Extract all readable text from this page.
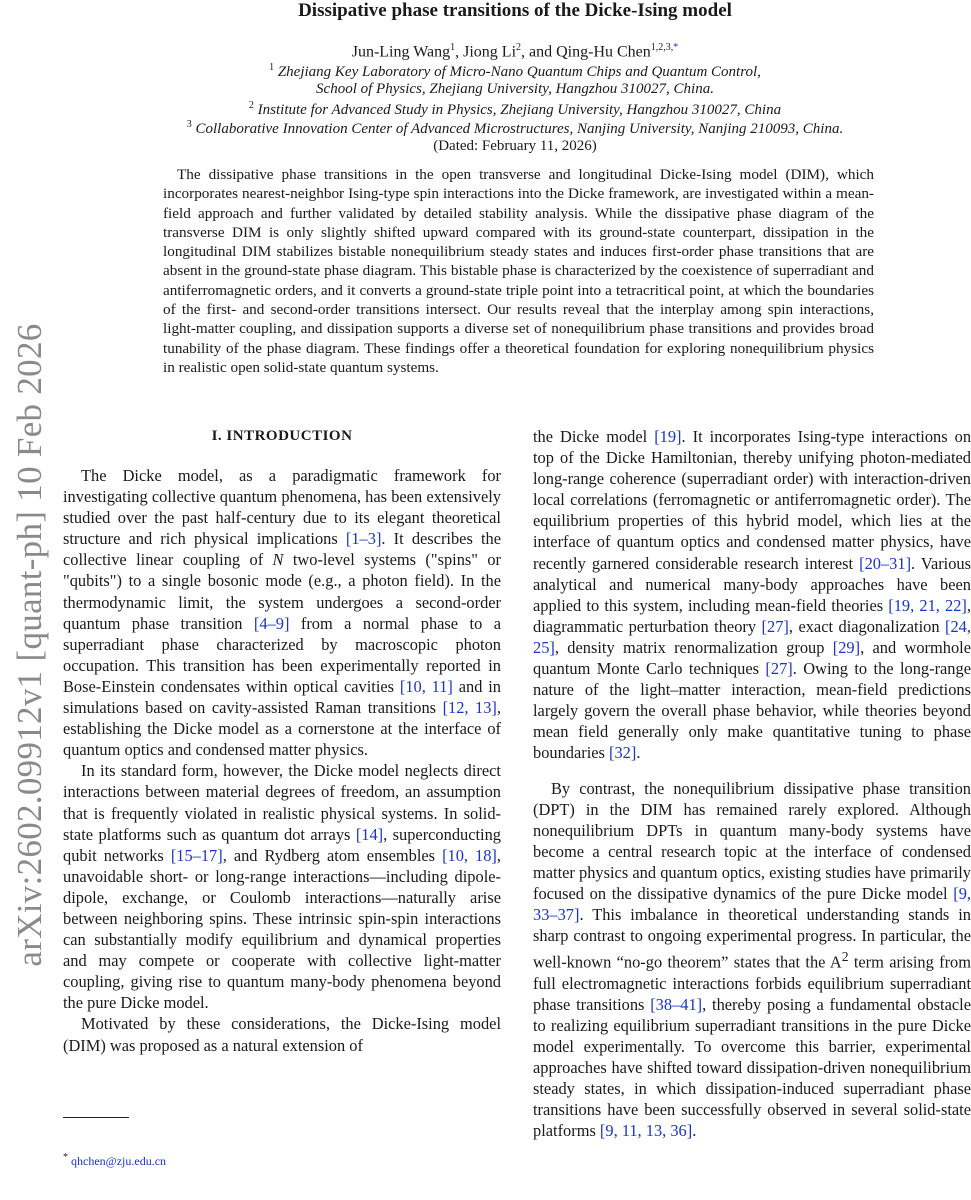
arXiv:2602.09912v1 [quant-ph] 10 Feb 2026
Dissipative phase transitions of the Dicke-Ising model
Jun-Ling Wang$^1$, Jiong Li$^2$, and Qing-Hu Chen$^{1,2,3,*}$
$^1$ Zhejiang Key Laboratory of Micro-Nano Quantum Chips and Quantum Control,
School of Physics, Zhejiang University, Hangzhou 310027, China.
$^2$ Institute for Advanced Study in Physics, Zhejiang University, Hangzhou 310027, China
$^3$ Collaborative Innovation Center of Advanced Microstructures, Nanjing University, Nanjing 210093, China.
(Dated: February 11, 2026)
The dissipative phase transitions in the open transverse and longitudinal Dicke-Ising model (DIM), which incorporates nearest-neighbor Ising-type spin interactions into the Dicke framework, are investigated within a mean-field approach and further validated by detailed stability analysis. While the dissipative phase diagram of the transverse DIM is only slightly shifted upward compared with its ground-state counterpart, dissipation in the longitudinal DIM stabilizes bistable nonequilibrium steady states and induces first-order phase transitions that are absent in the ground-state phase diagram. This bistable phase is characterized by the coexistence of superradiant and antiferromagnetic orders, and it converts a ground-state triple point into a tetracritical point, at which the boundaries of the first- and second-order transitions intersect. Our results reveal that the interplay among spin interactions, light-matter coupling, and dissipation supports a diverse set of nonequilibrium phase transitions and provides broad tunability of the phase diagram. These findings offer a theoretical foundation for exploring nonequilibrium physics in realistic open solid-state quantum systems.
I. INTRODUCTION

The Dicke model, as a paradigmatic framework for investigating collective quantum phenomena, has been extensively studied over the past half-century due to its elegant theoretical structure and rich physical implications [1–3]. It describes the collective linear coupling of N two-level systems ("spins" or "qubits") to a single bosonic mode (e.g., a photon field). In the thermodynamic limit, the system undergoes a second-order quantum phase transition [4–9] from a normal phase to a superradiant phase characterized by macroscopic photon occupation. This transition has been experimentally reported in Bose-Einstein condensates within optical cavities [10, 11] and in simulations based on cavity-assisted Raman transitions [12, 13], establishing the Dicke model as a cornerstone at the interface of quantum optics and condensed matter physics.

In its standard form, however, the Dicke model neglects direct interactions between material degrees of freedom, an assumption that is frequently violated in realistic physical systems. In solid-state platforms such as quantum dot arrays [14], superconducting qubit networks [15–17], and Rydberg atom ensembles [10, 18], unavoidable short- or long-range interactions—including dipole-dipole, exchange, or Coulomb interactions—naturally arise between neighboring spins. These intrinsic spin-spin interactions can substantially modify equilibrium and dynamical properties and may compete or cooperate with collective light-matter coupling, giving rise to quantum many-body phenomena beyond the pure Dicke model.

Motivated by these considerations, the Dicke-Ising model (DIM) was proposed as a natural extension of

the Dicke model [19]. It incorporates Ising-type interactions on top of the Dicke Hamiltonian, thereby unifying photon-mediated long-range coherence (superradiant order) with interaction-driven local correlations (ferromagnetic or antiferromagnetic order). The equilibrium properties of this hybrid model, which lies at the interface of quantum optics and condensed matter physics, have recently garnered considerable research interest [20–31]. Various analytical and numerical many-body approaches have been applied to this system, including mean-field theories [19, 21, 22], diagrammatic perturbation theory [27], exact diagonalization [24, 25], density matrix renormalization group [29], and wormhole quantum Monte Carlo techniques [27]. Owing to the long-range nature of the light–matter interaction, mean-field predictions largely govern the overall phase behavior, while theories beyond mean field generally only make quantitative tuning to phase boundaries [32].

By contrast, the nonequilibrium dissipative phase transition (DPT) in the DIM has remained rarely explored. Although nonequilibrium DPTs in quantum many-body systems have become a central research topic at the interface of condensed matter physics and quantum optics, existing studies have primarily focused on the dissipative dynamics of the pure Dicke model [9, 33–37]. This imbalance in theoretical understanding stands in sharp contrast to ongoing experimental progress. In particular, the well-known “no-go theorem” states that the $A^2$ term arising from full electromagnetic interactions forbids equilibrium superradiant phase transitions [38–41], thereby posing a fundamental obstacle to realizing equilibrium superradiant transitions in the pure Dicke model experimentally. To overcome this barrier, experimental approaches have shifted toward dissipation-driven nonequilibrium steady states, in which dissipation-induced superradiant phase transitions have been successfully observed in several solid-state platforms [9, 11, 13, 36].

* qhchen@zju.edu.cn
